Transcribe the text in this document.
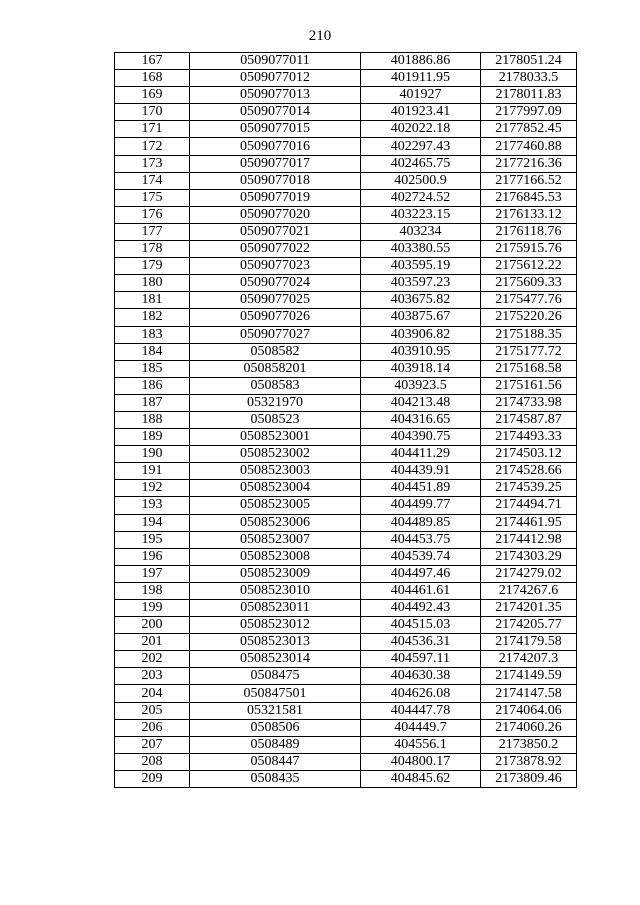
210
167	0509077011	401886.86	2178051.24
168	0509077012	401911.95	2178033.5
169	0509077013	401927	2178011.83
170	0509077014	401923.41	2177997.09
171	0509077015	402022.18	2177852.45
172	0509077016	402297.43	2177460.88
173	0509077017	402465.75	2177216.36
174	0509077018	402500.9	2177166.52
175	0509077019	402724.52	2176845.53
176	0509077020	403223.15	2176133.12
177	0509077021	403234	2176118.76
178	0509077022	403380.55	2175915.76
179	0509077023	403595.19	2175612.22
180	0509077024	403597.23	2175609.33
181	0509077025	403675.82	2175477.76
182	0509077026	403875.67	2175220.26
183	0509077027	403906.82	2175188.35
184	0508582	403910.95	2175177.72
185	050858201	403918.14	2175168.58
186	0508583	403923.5	2175161.56
187	05321970	404213.48	2174733.98
188	0508523	404316.65	2174587.87
189	0508523001	404390.75	2174493.33
190	0508523002	404411.29	2174503.12
191	0508523003	404439.91	2174528.66
192	0508523004	404451.89	2174539.25
193	0508523005	404499.77	2174494.71
194	0508523006	404489.85	2174461.95
195	0508523007	404453.75	2174412.98
196	0508523008	404539.74	2174303.29
197	0508523009	404497.46	2174279.02
198	0508523010	404461.61	2174267.6
199	0508523011	404492.43	2174201.35
200	0508523012	404515.03	2174205.77
201	0508523013	404536.31	2174179.58
202	0508523014	404597.11	2174207.3
203	0508475	404630.38	2174149.59
204	050847501	404626.08	2174147.58
205	05321581	404447.78	2174064.06
206	0508506	404449.7	2174060.26
207	0508489	404556.1	2173850.2
208	0508447	404800.17	2173878.92
209	0508435	404845.62	2173809.46
